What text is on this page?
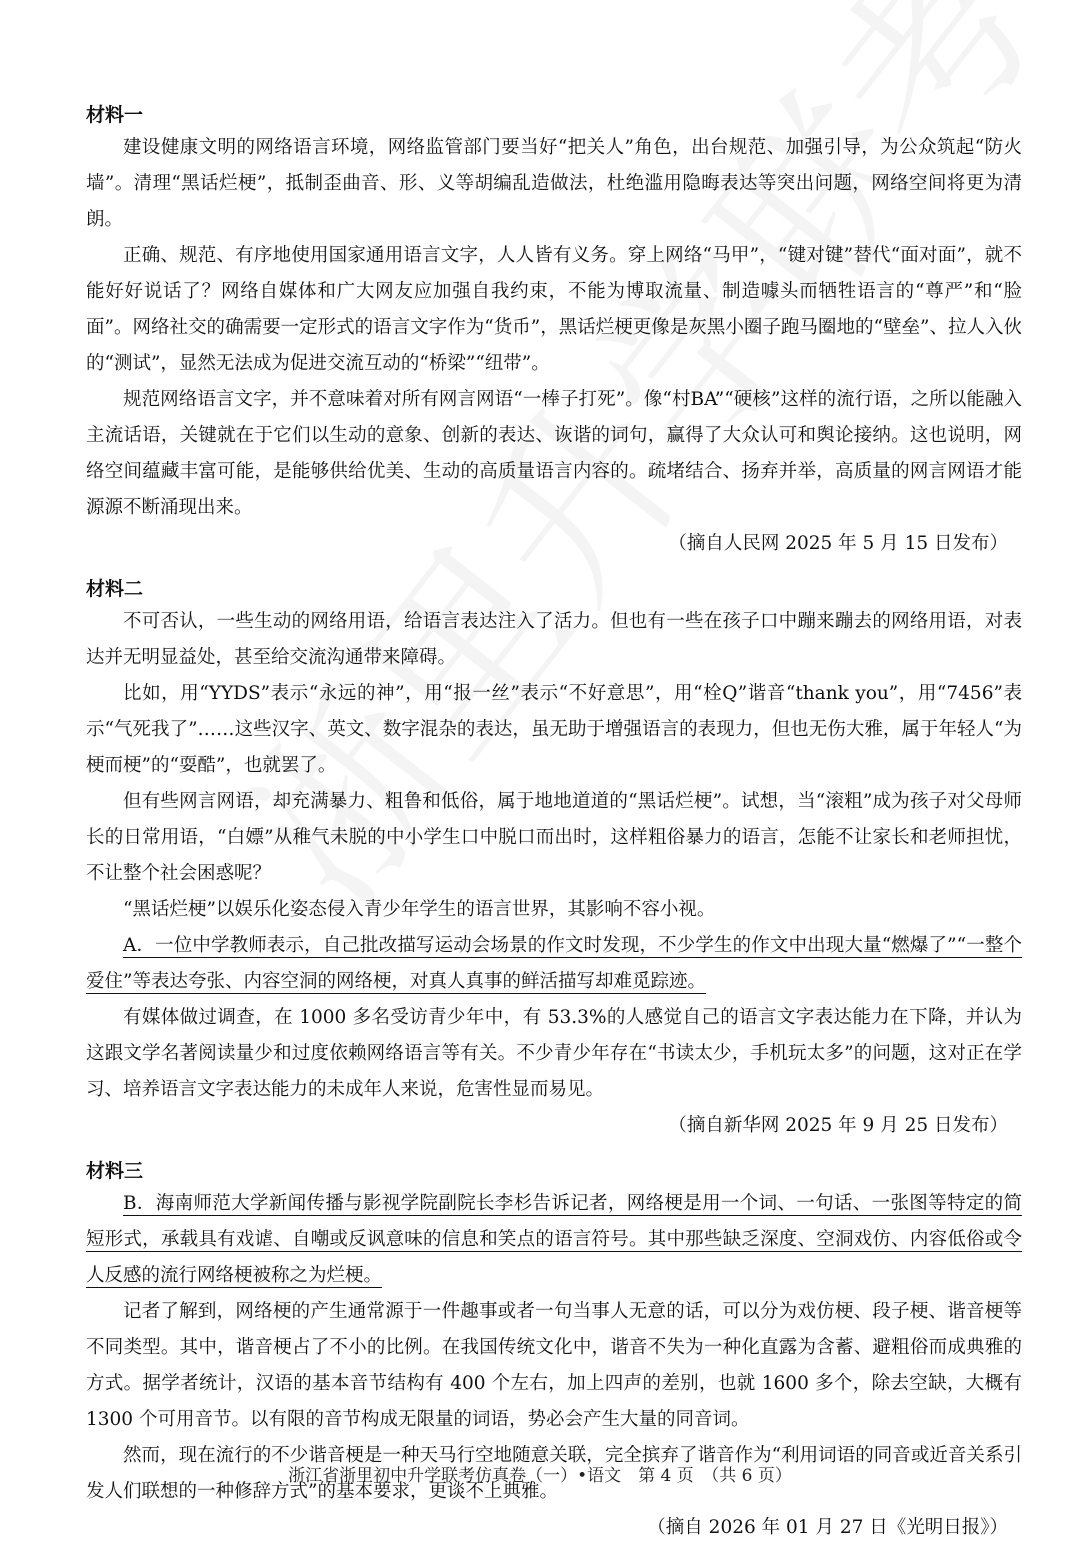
材料一

建设健康文明的网络语言环境，网络监管部门要当好“把关人”角色，出台规范、加强引导，为公众筑起“防火墙”。清理“黑话烂梗”，抵制歪曲音、形、义等胡编乱造做法，杜绝滥用隐晦表达等突出问题，网络空间将更为清朗。

正确、规范、有序地使用国家通用语言文字，人人皆有义务。穿上网络“马甲”，“键对键”替代“面对面”，就不能好好说话了？网络自媒体和广大网友应加强自我约束，不能为博取流量、制造噱头而牺牲语言的“尊严”和“脸面”。网络社交的确需要一定形式的语言文字作为“货币”，黑话烂梗更像是灰黑小圈子跑马圈地的“壁垒”、拉人入伙的“测试”，显然无法成为促进交流互动的“桥梁”“纽带”。

规范网络语言文字，并不意味着对所有网言网语“一棒子打死”。像“村BA”“硬核”这样的流行语，之所以能融入主流话语，关键就在于它们以生动的意象、创新的表达、诙谐的词句，赢得了大众认可和舆论接纳。这也说明，网络空间蕴藏丰富可能，是能够供给优美、生动的高质量语言内容的。疏堵结合、扬弃并举，高质量的网言网语才能源源不断涌现出来。

（摘自人民网 2025 年 5 月 15 日发布）

材料二

不可否认，一些生动的网络用语，给语言表达注入了活力。但也有一些在孩子口中蹦来蹦去的网络用语，对表达并无明显益处，甚至给交流沟通带来障碍。

比如，用“YYDS”表示“永远的神”，用“报一丝”表示“不好意思”，用“栓Q”谐音“thank you”，用“7456”表示“气死我了”……这些汉字、英文、数字混杂的表达，虽无助于增强语言的表现力，但也无伤大雅，属于年轻人“为梗而梗”的“耍酷”，也就罢了。

但有些网言网语，却充满暴力、粗鲁和低俗，属于地地道道的“黑话烂梗”。试想，当“滚粗”成为孩子对父母师长的日常用语，“白嫖”从稚气未脱的中小学生口中脱口而出时，这样粗俗暴力的语言，怎能不让家长和老师担忧，不让整个社会困惑呢？

“黑话烂梗”以娱乐化姿态侵入青少年学生的语言世界，其影响不容小视。

A．一位中学教师表示，自己批改描写运动会场景的作文时发现，不少学生的作文中出现大量“燃爆了”“一整个爱住”等表达夸张、内容空洞的网络梗，对真人真事的鲜活描写却难觅踪迹。

有媒体做过调查，在 1000 多名受访青少年中，有 53.3%的人感觉自己的语言文字表达能力在下降，并认为这跟文学名著阅读量少和过度依赖网络语言等有关。不少青少年存在“书读太少，手机玩太多”的问题，这对正在学习、培养语言文字表达能力的未成年人来说，危害性显而易见。

（摘自新华网 2025 年 9 月 25 日发布）

材料三

B．海南师范大学新闻传播与影视学院副院长李杉告诉记者，网络梗是用一个词、一句话、一张图等特定的简短形式，承载具有戏谑、自嘲或反讽意味的信息和笑点的语言符号。其中那些缺乏深度、空洞戏仿、内容低俗或令人反感的流行网络梗被称之为烂梗。

记者了解到，网络梗的产生通常源于一件趣事或者一句当事人无意的话，可以分为戏仿梗、段子梗、谐音梗等不同类型。其中，谐音梗占了不小的比例。在我国传统文化中，谐音不失为一种化直露为含蓄、避粗俗而成典雅的方式。据学者统计，汉语的基本音节结构有 400 个左右，加上四声的差别，也就 1600 多个，除去空缺，大概有 1300 个可用音节。以有限的音节构成无限量的词语，势必会产生大量的同音词。

然而，现在流行的不少谐音梗是一种天马行空地随意关联，完全摈弃了谐音作为“利用词语的同音或近音关系引发人们联想的一种修辞方式”的基本要求，更谈不上典雅。

（摘自 2026 年 01 月 27 日《光明日报》）

浙江省浙里初中升学联考仿真卷（一）•语文　第 4 页　（共 6 页）
